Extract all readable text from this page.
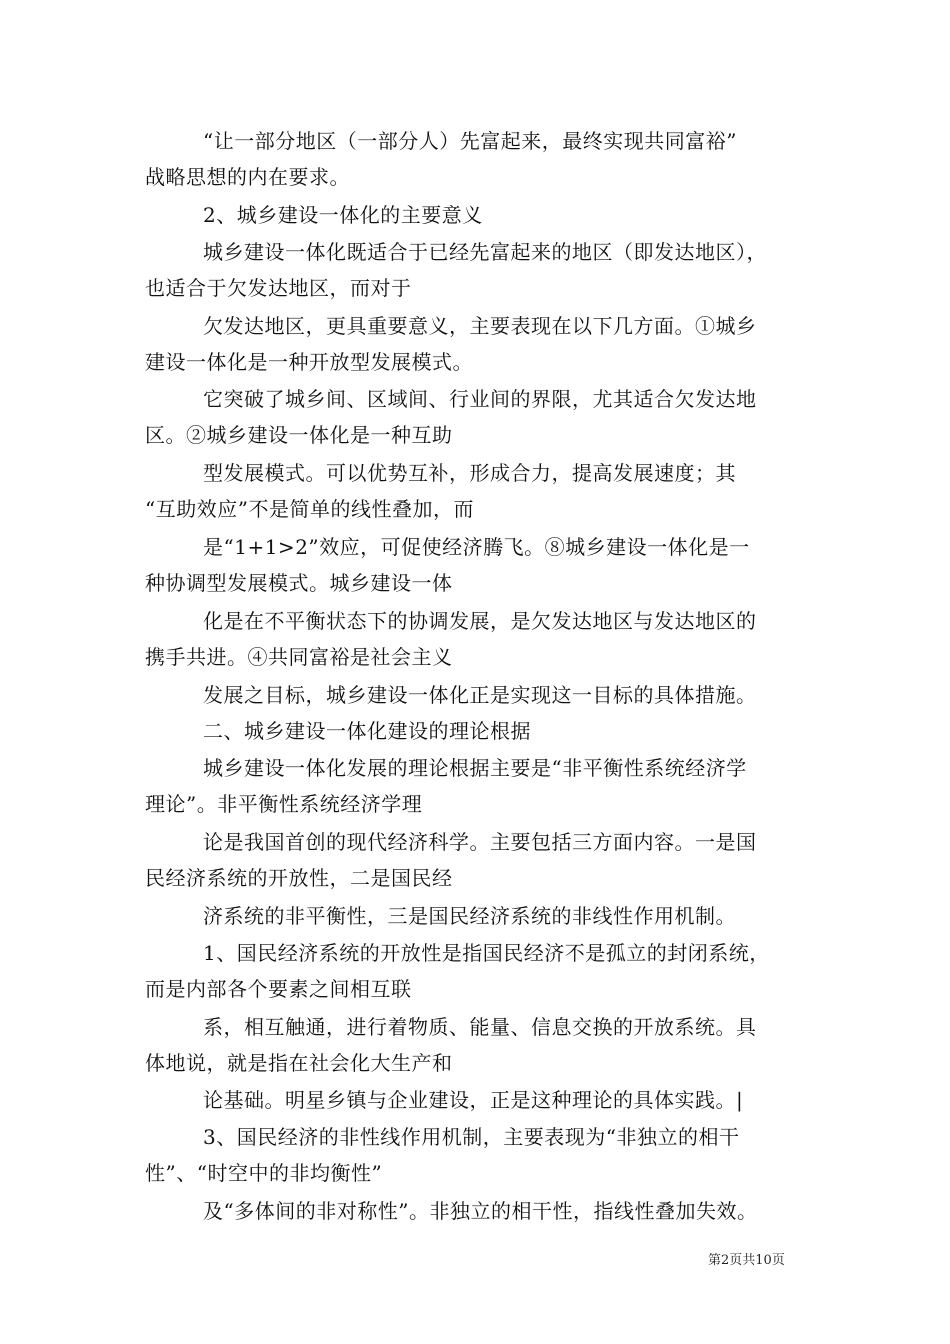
“让一部分地区（一部分人）先富起来，最终实现共同富裕”
战略思想的内在要求。
2、城乡建设一体化的主要意义
城乡建设一体化既适合于已经先富起来的地区（即发达地区），
也适合于欠发达地区，而对于
欠发达地区，更具重要意义，主要表现在以下几方面。①城乡
建设一体化是一种开放型发展模式。
它突破了城乡间、区域间、行业间的界限，尤其适合欠发达地
区。②城乡建设一体化是一种互助
型发展模式。可以优势互补，形成合力，提高发展速度；其
“互助效应”不是简单的线性叠加，而
是“1+1>2”效应，可促使经济腾飞。⑧城乡建设一体化是一
种协调型发展模式。城乡建设一体
化是在不平衡状态下的协调发展，是欠发达地区与发达地区的
携手共进。④共同富裕是社会主义
发展之目标，城乡建设一体化正是实现这一目标的具体措施。
二、城乡建设一体化建设的理论根据
城乡建设一体化发展的理论根据主要是“非平衡性系统经济学
理论”。非平衡性系统经济学理
论是我国首创的现代经济科学。主要包括三方面内容。一是国
民经济系统的开放性，二是国民经
济系统的非平衡性，三是国民经济系统的非线性作用机制。
1、国民经济系统的开放性是指国民经济不是孤立的封闭系统，
而是内部各个要素之间相互联
系，相互触通，进行着物质、能量、信息交换的开放系统。具
体地说，就是指在社会化大生产和
论基础。明星乡镇与企业建设，正是这种理论的具体实践。|
3、国民经济的非性线作用机制，主要表现为“非独立的相干
性”、“时空中的非均衡性”
及“多体间的非对称性”。非独立的相干性，指线性叠加失效。
第2页共10页
